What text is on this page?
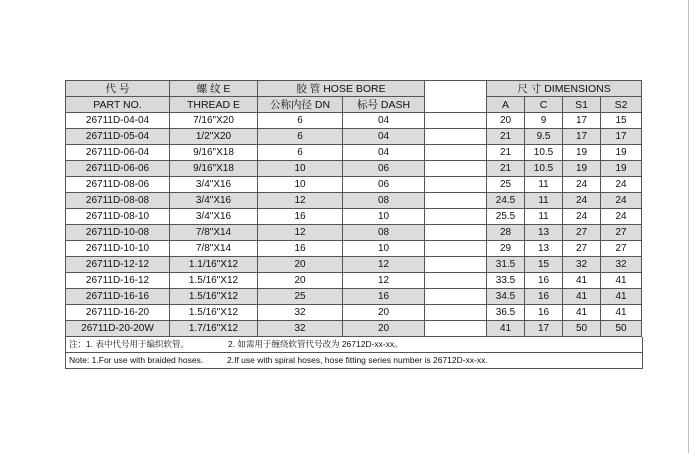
代 号	螺 纹 E	胶 管 HOSE BORE			尺 寸 DIMENSIONS			
PART NO.	THREAD E	公称内径 DN	标号 DASH		A	C	S1	S2
26711D-04-04	7/16"X20	6	04		20	9	17	15
26711D-05-04	1/2"X20	6	04		21	9.5	17	17
26711D-06-04	9/16"X18	6	04		21	10.5	19	19
26711D-06-06	9/16"X18	10	06		21	10.5	19	19
26711D-08-06	3/4"X16	10	06		25	11	24	24
26711D-08-08	3/4"X16	12	08		24.5	11	24	24
26711D-08-10	3/4"X16	16	10		25.5	11	24	24
26711D-10-08	7/8"X14	12	08		28	13	27	27
26711D-10-10	7/8"X14	16	10		29	13	27	27
26711D-12-12	1.1/16"X12	20	12		31.5	15	32	32
26711D-16-12	1.5/16"X12	20	12		33.5	16	41	41
26711D-16-16	1.5/16"X12	25	16		34.5	16	41	41
26711D-16-20	1.5/16"X12	32	20		36.5	16	41	41
26711D-20-20W	1.7/16"X12	32	20		41	17	50	50
注：1. 表中代号用于编织软管。	2. 如需用于缠绕软管代号改为 26712D-xx-xx。
Note: 1.For use with braided hoses.	2.If use with spiral hoses, hose fitting series number is 26712D-xx-xx.
